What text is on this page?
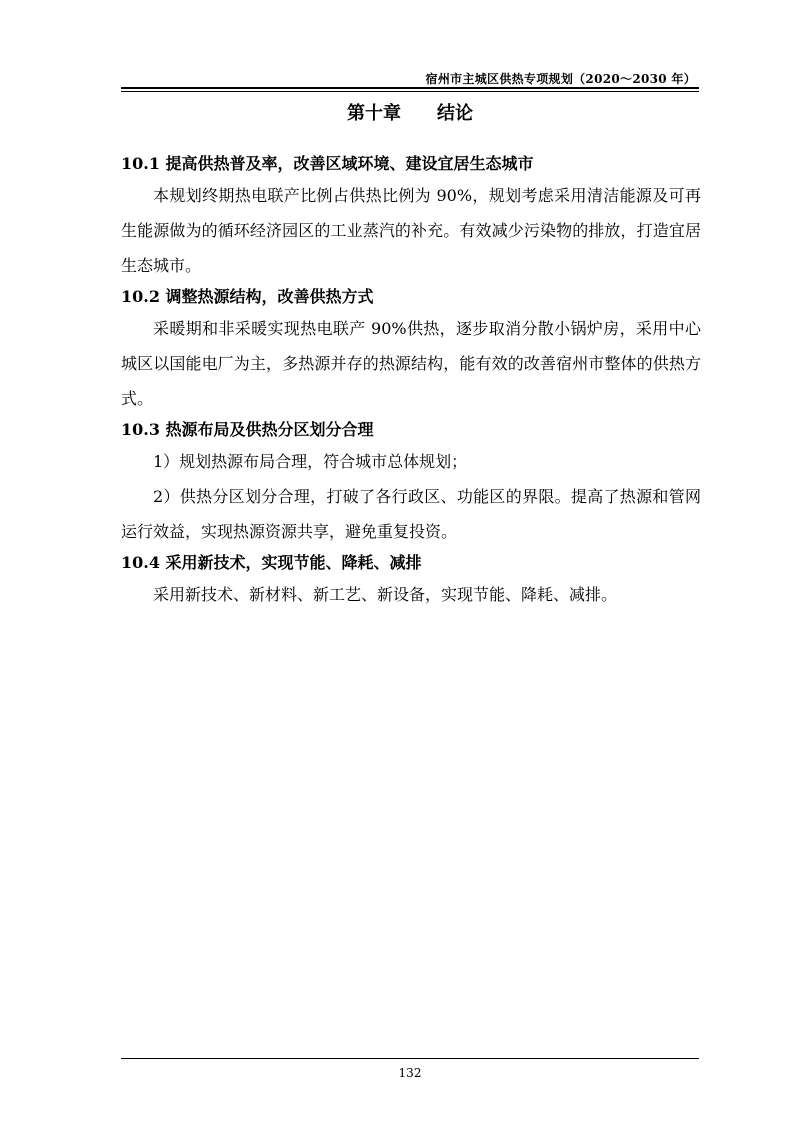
宿州市主城区供热专项规划（2020～2030 年）
第十章　　结论

10.1 提高供热普及率，改善区域环境、建设宜居生态城市

本规划终期热电联产比例占供热比例为 90%，规划考虑采用清洁能源及可再生能源做为的循环经济园区的工业蒸汽的补充。有效减少污染物的排放，打造宜居生态城市。

10.2 调整热源结构，改善供热方式

采暖期和非采暖实现热电联产 90%供热，逐步取消分散小锅炉房，采用中心城区以国能电厂为主，多热源并存的热源结构，能有效的改善宿州市整体的供热方式。

10.3 热源布局及供热分区划分合理

1）规划热源布局合理，符合城市总体规划；

2）供热分区划分合理，打破了各行政区、功能区的界限。提高了热源和管网运行效益，实现热源资源共享，避免重复投资。

10.4 采用新技术，实现节能、降耗、减排

采用新技术、新材料、新工艺、新设备，实现节能、降耗、减排。

132
